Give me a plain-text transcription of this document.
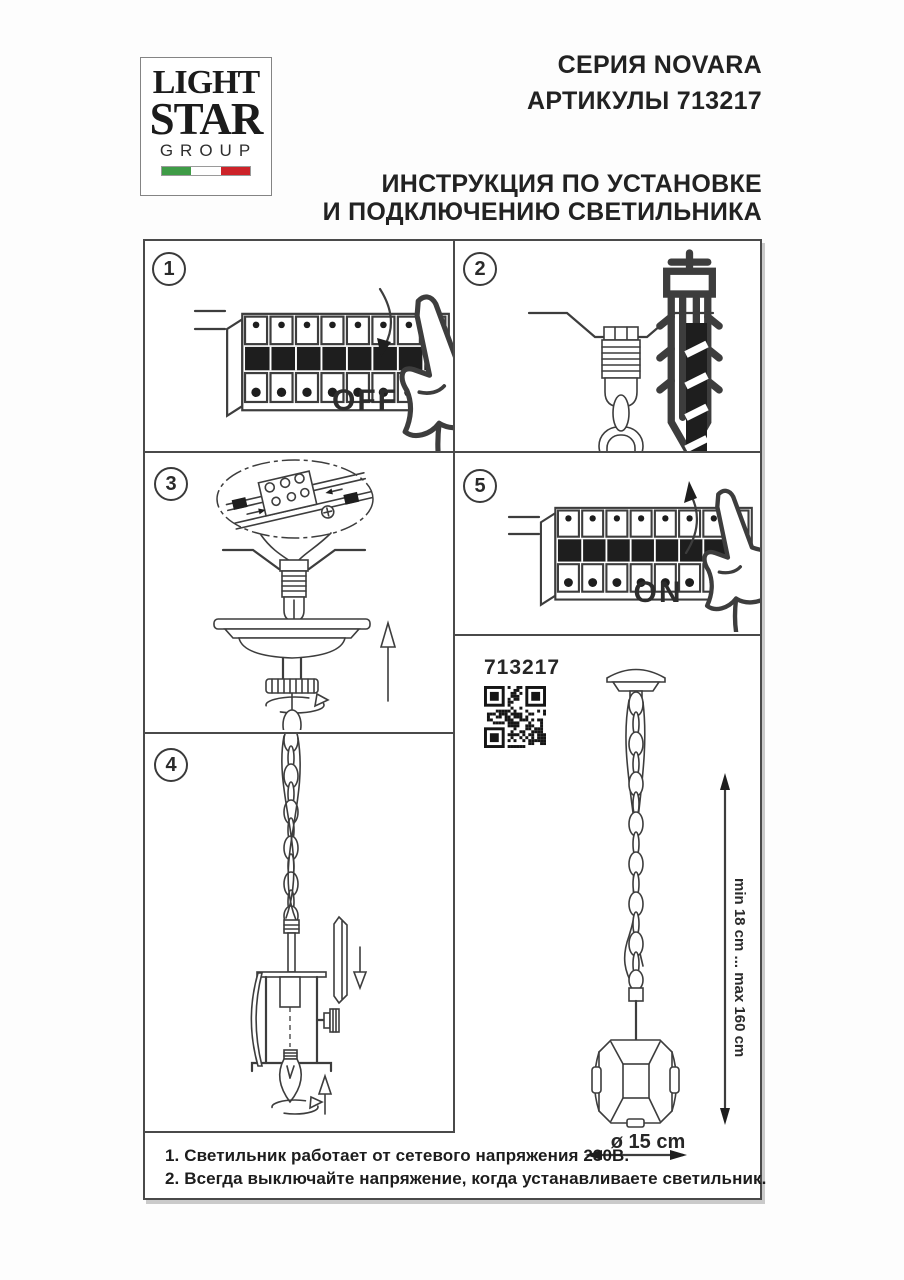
LIGHT
STAR
GROUP
СЕРИЯ NOVARA
АРТИКУЛЫ 713217
ИНСТРУКЦИЯ ПО УСТАНОВКЕ
И ПОДКЛЮЧЕНИЮ СВЕТИЛЬНИКА
1
OFF
2
3
4
5
ON
713217
min 18 cm ... max 160 cm
ø 15 cm
1. Светильник работает от сетевого напряжения 230В.
2. Всегда выключайте напряжение, когда устанавливаете светильник.
